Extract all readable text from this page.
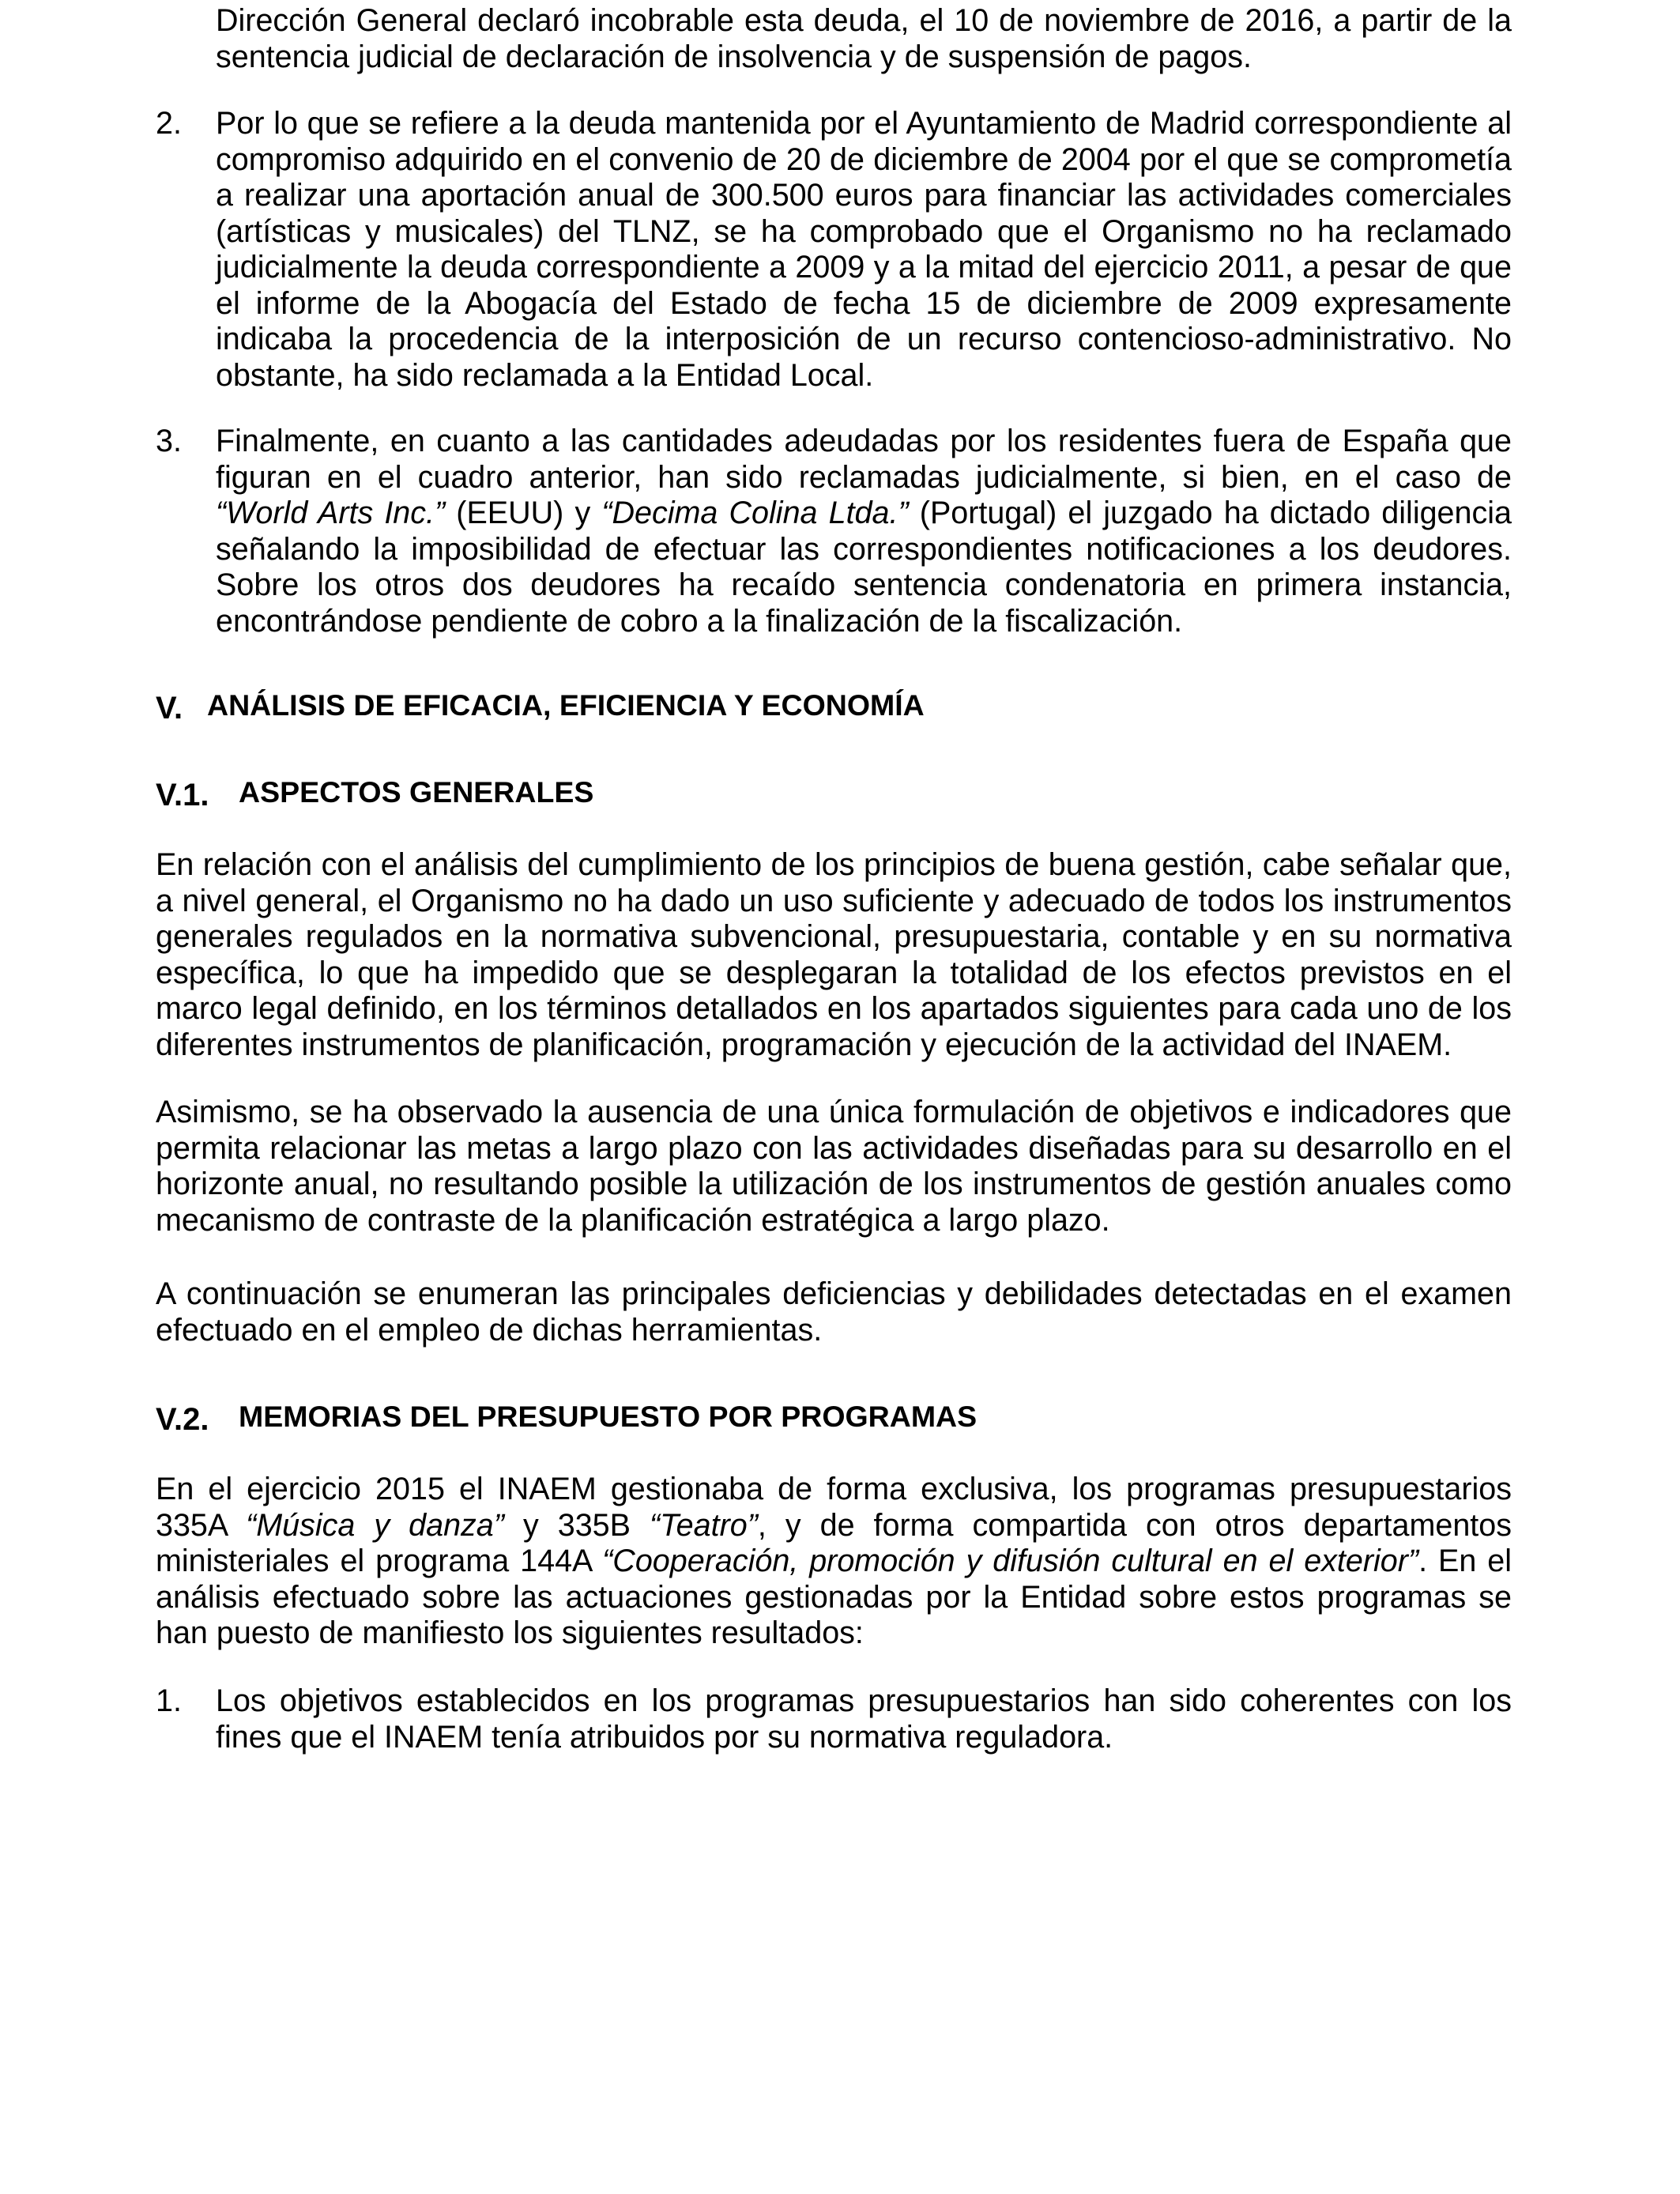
Dirección General declaró incobrable esta deuda, el 10 de noviembre de 2016, a partir de la sentencia judicial de declaración de insolvencia y de suspensión de pagos.

2. Por lo que se refiere a la deuda mantenida por el Ayuntamiento de Madrid correspondiente al compromiso adquirido en el convenio de 20 de diciembre de 2004 por el que se comprometía a realizar una aportación anual de 300.500 euros para financiar las actividades comerciales (artísticas y musicales) del TLNZ, se ha comprobado que el Organismo no ha reclamado judicialmente la deuda correspondiente a 2009 y a la mitad del ejercicio 2011, a pesar de que el informe de la Abogacía del Estado de fecha 15 de diciembre de 2009 expresamente indicaba la procedencia de la interposición de un recurso contencioso-administrativo. No obstante, ha sido reclamada a la Entidad Local.

3. Finalmente, en cuanto a las cantidades adeudadas por los residentes fuera de España que figuran en el cuadro anterior, han sido reclamadas judicialmente, si bien, en el caso de “World Arts Inc.” (EEUU) y “Decima Colina Ltda.” (Portugal) el juzgado ha dictado diligencia señalando la imposibilidad de efectuar las correspondientes notificaciones a los deudores. Sobre los otros dos deudores ha recaído sentencia condenatoria en primera instancia, encontrándose pendiente de cobro a la finalización de la fiscalización.

V. ANÁLISIS DE EFICACIA, EFICIENCIA Y ECONOMÍA
V.1. ASPECTOS GENERALES

En relación con el análisis del cumplimiento de los principios de buena gestión, cabe señalar que, a nivel general, el Organismo no ha dado un uso suficiente y adecuado de todos los instrumentos generales regulados en la normativa subvencional, presupuestaria, contable y en su normativa específica, lo que ha impedido que se desplegaran la totalidad de los efectos previstos en el marco legal definido, en los términos detallados en los apartados siguientes para cada uno de los diferentes instrumentos de planificación, programación y ejecución de la actividad del INAEM.

Asimismo, se ha observado la ausencia de una única formulación de objetivos e indicadores que permita relacionar las metas a largo plazo con las actividades diseñadas para su desarrollo en el horizonte anual, no resultando posible la utilización de los instrumentos de gestión anuales como mecanismo de contraste de la planificación estratégica a largo plazo.

A continuación se enumeran las principales deficiencias y debilidades detectadas en el examen efectuado en el empleo de dichas herramientas.

V.2. MEMORIAS DEL PRESUPUESTO POR PROGRAMAS

En el ejercicio 2015 el INAEM gestionaba de forma exclusiva, los programas presupuestarios 335A “Música y danza” y 335B “Teatro”, y de forma compartida con otros departamentos ministeriales el programa 144A “Cooperación, promoción y difusión cultural en el exterior”. En el análisis efectuado sobre las actuaciones gestionadas por la Entidad sobre estos programas se han puesto de manifiesto los siguientes resultados:

1. Los objetivos establecidos en los programas presupuestarios han sido coherentes con los fines que el INAEM tenía atribuidos por su normativa reguladora.
